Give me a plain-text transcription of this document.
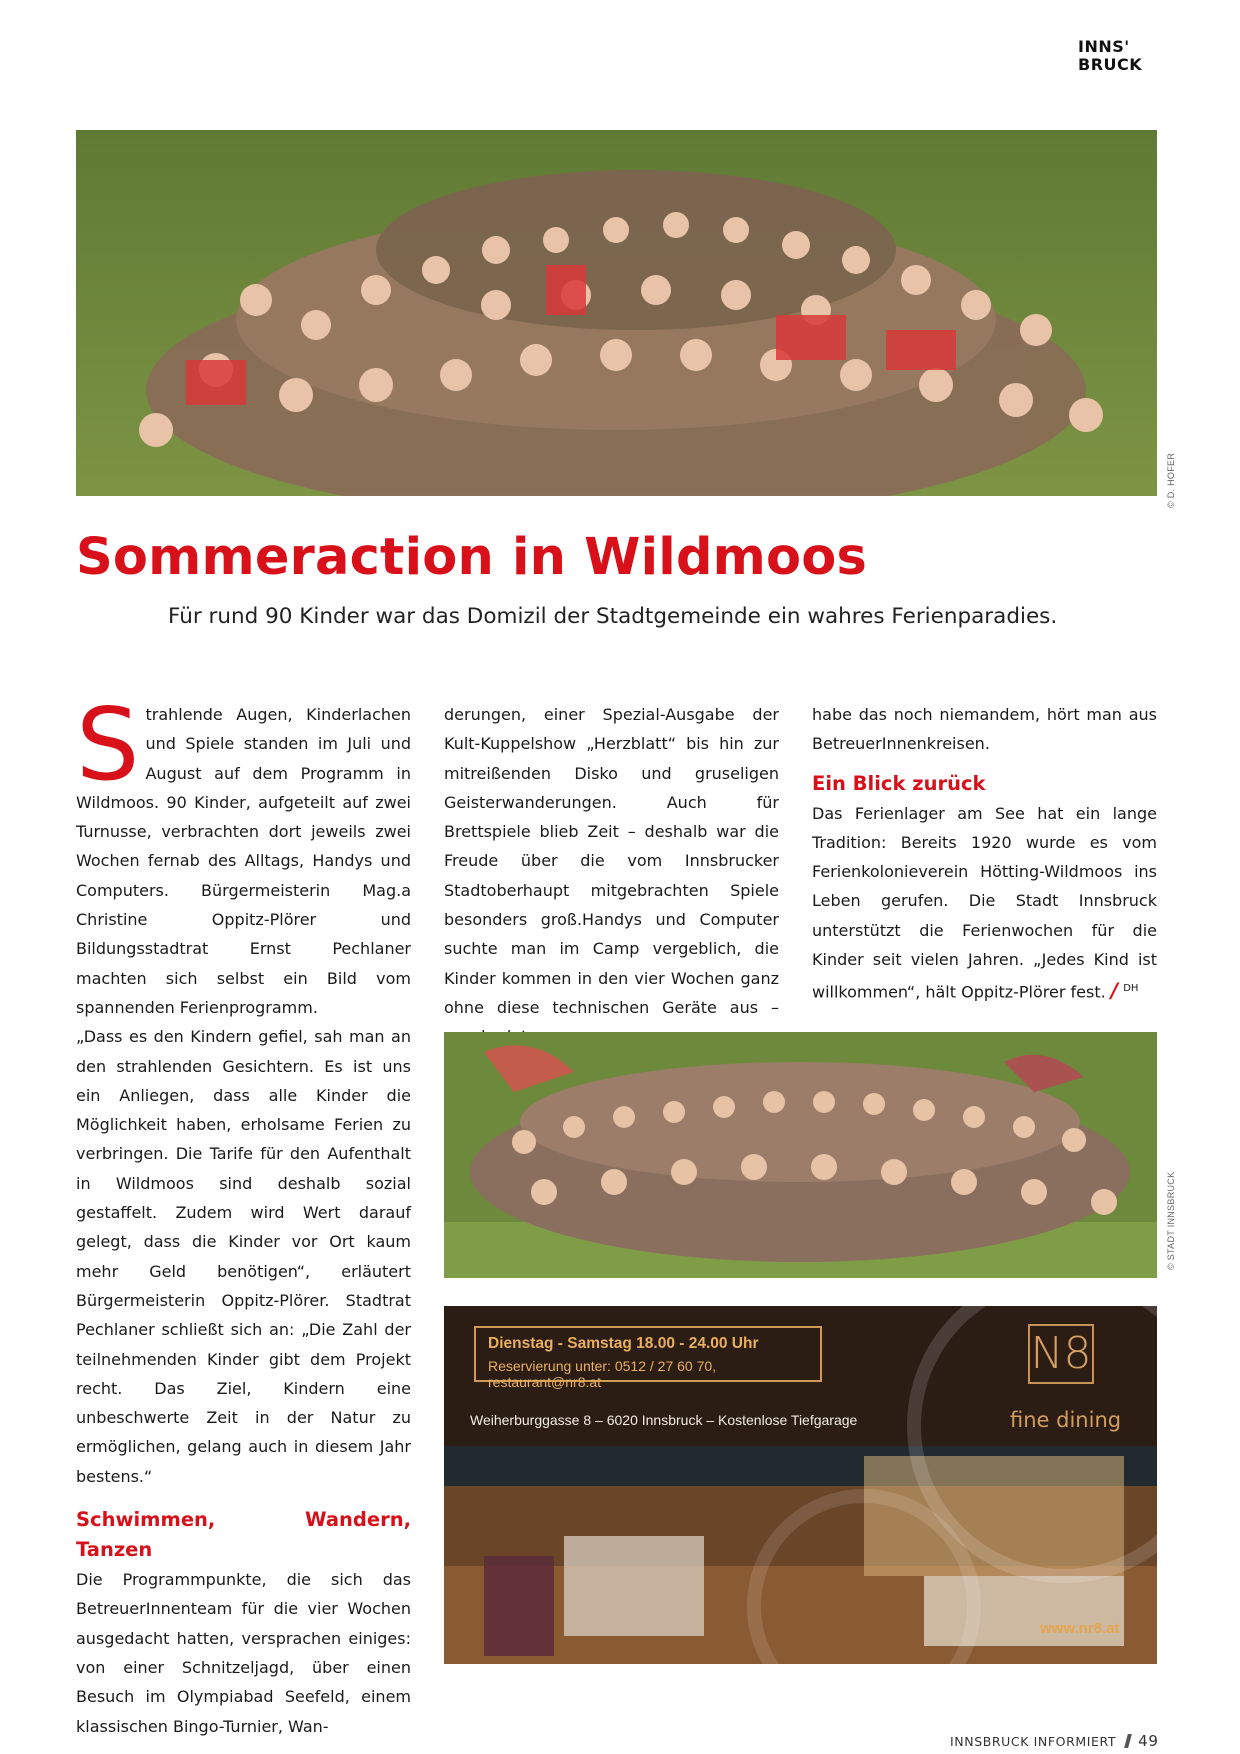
INNS'
BRUCK
© D. HOFER
Sommeraction in Wildmoos

Für rund 90 Kinder war das Domizil der Stadtgemeinde ein wahres Ferienparadies.

S trahlende Augen, Kinderlachen und Spiele standen im Juli und August auf dem Programm in Wildmoos. 90 Kinder, aufgeteilt auf zwei Turnusse, verbrachten dort jeweils zwei Wochen fernab des Alltags, Handys und Computers. Bürgermeisterin Mag.a Christine Oppitz-Plörer und Bildungsstadtrat Ernst Pechlaner machten sich selbst ein Bild vom spannenden Ferienprogramm.

„Dass es den Kindern gefiel, sah man an den strahlenden Gesichtern. Es ist uns ein Anliegen, dass alle Kinder die Möglichkeit haben, erholsame Ferien zu verbringen. Die Tarife für den Aufenthalt in Wildmoos sind deshalb sozial gestaffelt. Zudem wird Wert darauf gelegt, dass die Kinder vor Ort kaum mehr Geld benötigen“, erläutert Bürgermeisterin Oppitz-Plörer. Stadtrat Pechlaner schließt sich an: „Die Zahl der teilnehmenden Kinder gibt dem Projekt recht. Das Ziel, Kindern eine unbeschwerte Zeit in der Natur zu ermöglichen, gelang auch in diesem Jahr bestens.“

Schwimmen, Wandern, Tanzen

Die Programmpunkte, die sich das BetreuerInnenteam für die vier Wochen ausgedacht hatten, versprachen einiges: von einer Schnitzeljagd, über einen Besuch im Olympiabad Seefeld, einem klassischen Bingo-Turnier, Wan-

derungen, einer Spezial-Ausgabe der Kult-Kuppelshow „Herzblatt“ bis hin zur mitreißenden Disko und gruseligen Geisterwanderungen. Auch für Brettspiele blieb Zeit – deshalb war die Freude über die vom Innsbrucker Stadtoberhaupt mitgebrachten Spiele besonders groß.Handys und Computer suchte man im Camp vergeblich, die Kinder kommen in den vier Wochen ganz ohne diese technischen Geräte aus –

habe das noch niemandem, hört man aus BetreuerInnenkreisen.

Ein Blick zurück

Das Ferienlager am See hat ein lange Tradition: Bereits 1920 wurde es vom Ferienkolonieverein Hötting-Wildmoos ins Leben gerufen. Die Stadt Innsbruck unterstützt die Ferienwochen für die Kinder seit vielen Jahren. „Jedes Kind ist willkommen“, hält Oppitz-Plörer fest. / $^{DH}$

© STADT INNSBRUCK
Dienstag - Samstag 18.00 - 24.00 Uhr
Reservierung unter: 0512 / 27 60 70, restaurant@nr8.at
Weiherburggasse 8 – 6020 Innsbruck – Kostenlose Tiefgarage
N8
fine dining
www.nr8.at
INNSBRUCK INFORMIERT 49
